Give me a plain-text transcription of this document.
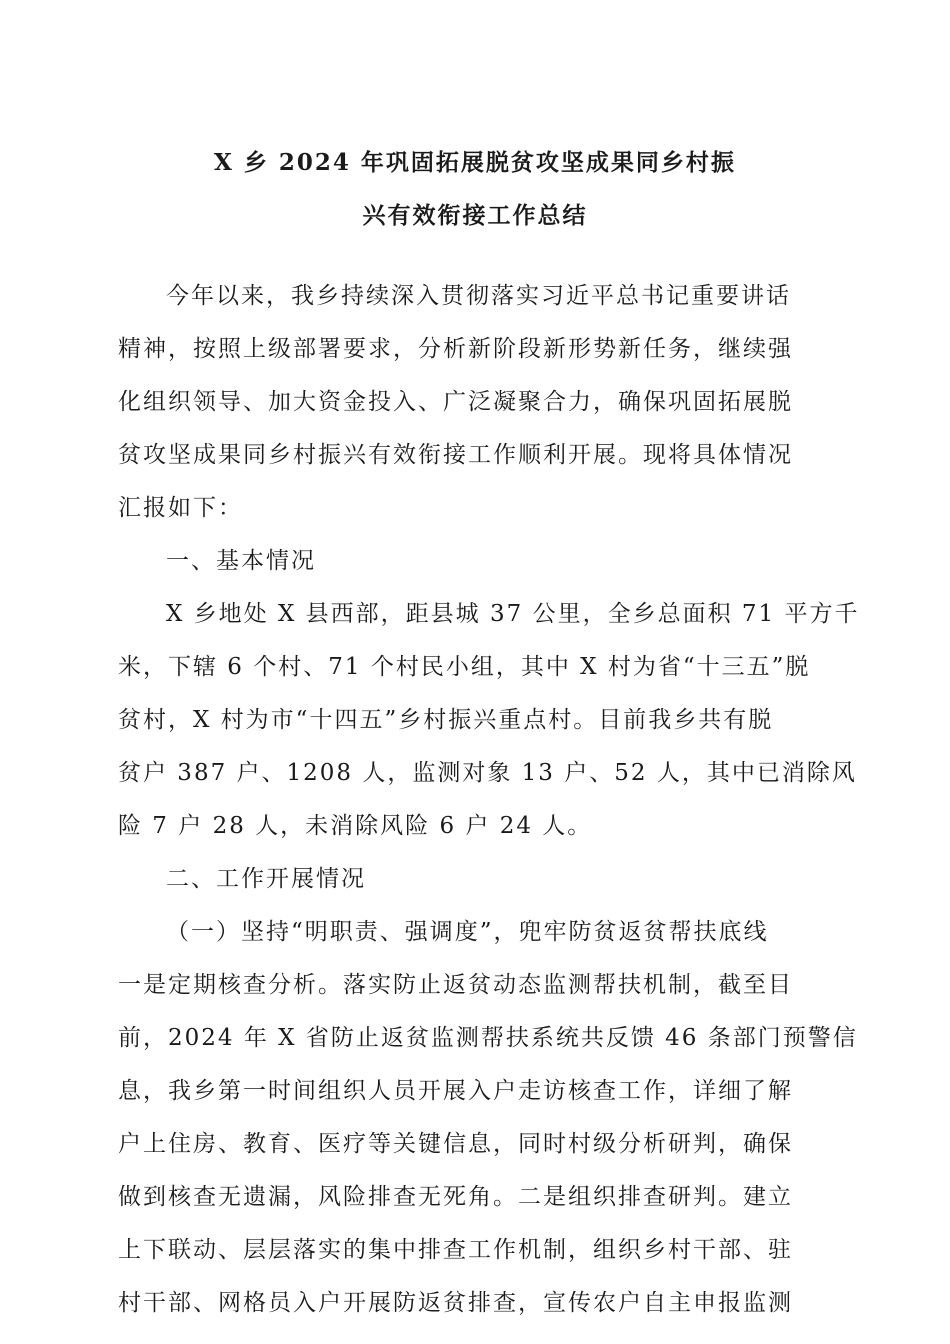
X 乡 2024 年巩固拓展脱贫攻坚成果同乡村振
兴有效衔接工作总结
今年以来，我乡持续深入贯彻落实习近平总书记重要讲话
精神，按照上级部署要求，分析新阶段新形势新任务，继续强
化组织领导、加大资金投入、广泛凝聚合力，确保巩固拓展脱
贫攻坚成果同乡村振兴有效衔接工作顺利开展。现将具体情况
汇报如下：
一、基本情况
X 乡地处 X 县西部，距县城 37 公里，全乡总面积 71 平方千
米，下辖 6 个村、71 个村民小组，其中 X 村为省“十三五”脱
贫村，X 村为市“十四五”乡村振兴重点村。目前我乡共有脱
贫户 387 户、1208 人，监测对象 13 户、52 人，其中已消除风
险 7 户 28 人，未消除风险 6 户 24 人。
二、工作开展情况
（一）坚持“明职责、强调度”，兜牢防贫返贫帮扶底线
一是定期核查分析。落实防止返贫动态监测帮扶机制，截至目
前，2024 年 X 省防止返贫监测帮扶系统共反馈 46 条部门预警信
息，我乡第一时间组织人员开展入户走访核查工作，详细了解
户上住房、教育、医疗等关键信息，同时村级分析研判，确保
做到核查无遗漏，风险排查无死角。二是组织排查研判。建立
上下联动、层层落实的集中排查工作机制，组织乡村干部、驻
村干部、网格员入户开展防返贫排查，宣传农户自主申报监测
